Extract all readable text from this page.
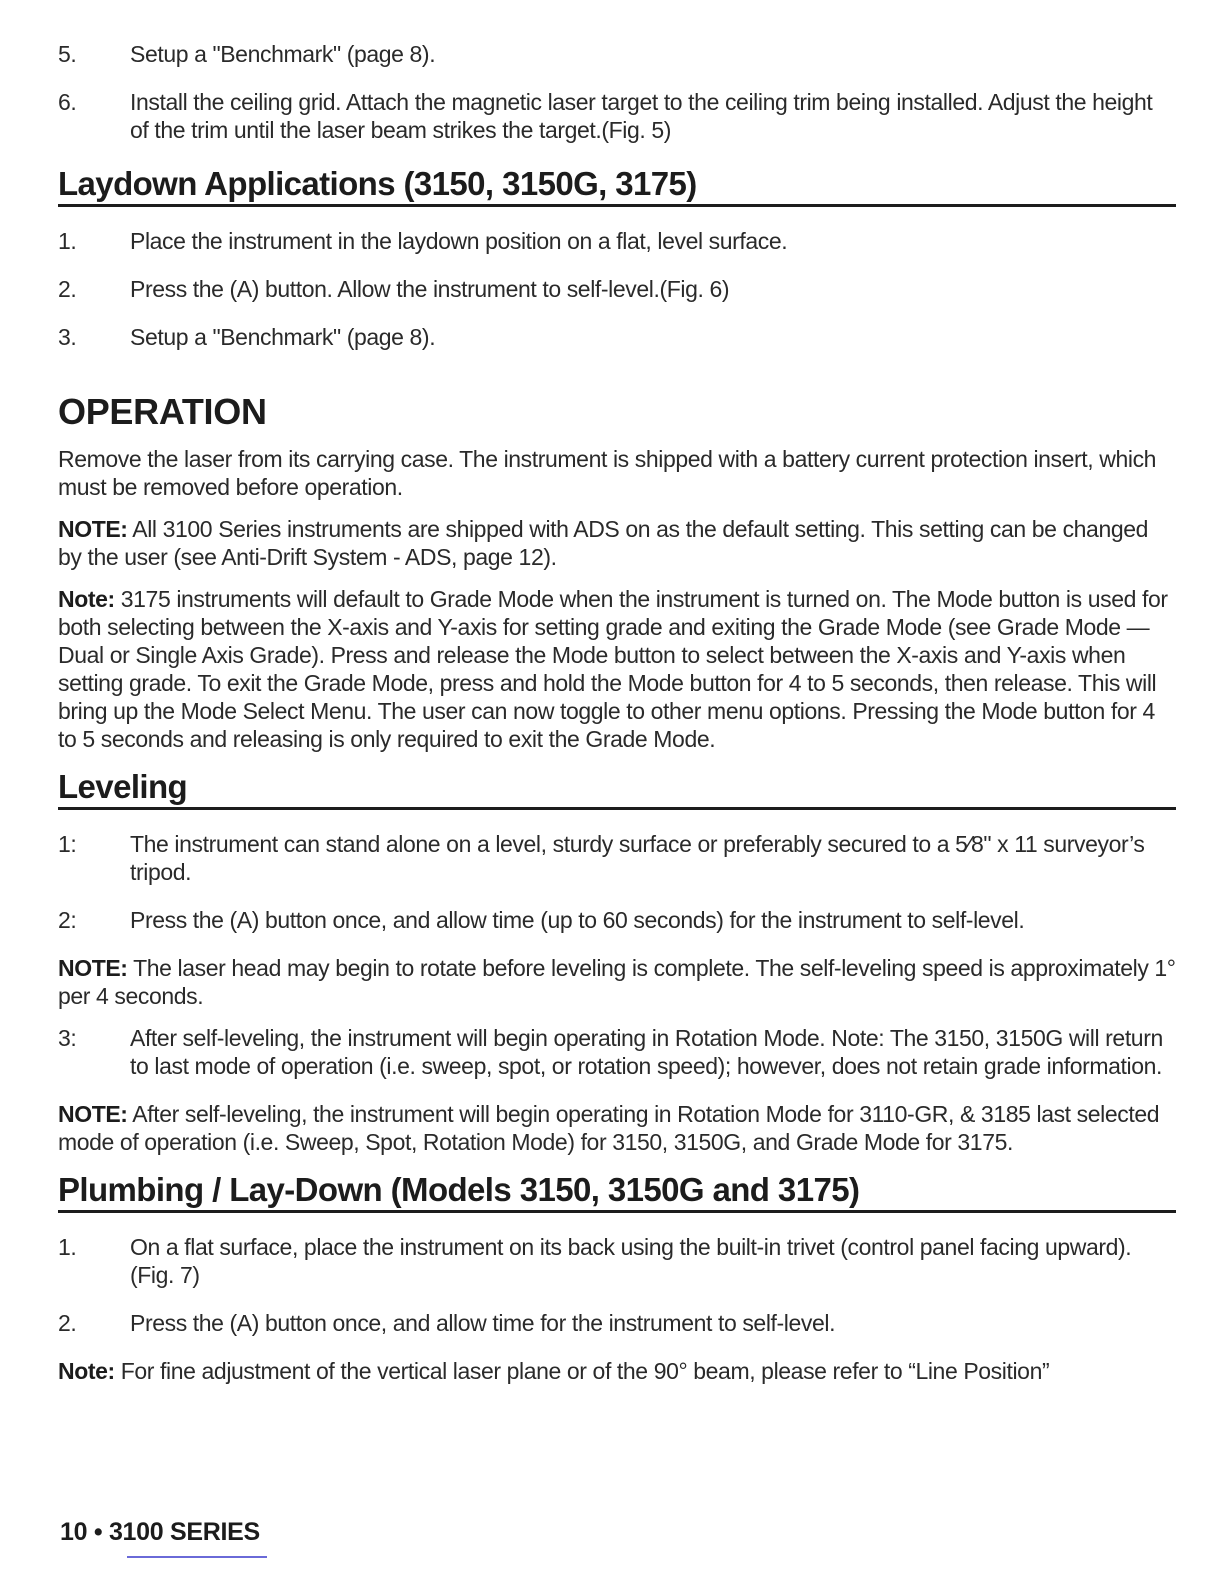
5. Setup a "Benchmark" (page 8).
6. Install the ceiling grid. Attach the magnetic laser target to the ceiling trim being installed. Adjust the height of the trim until the laser beam strikes the target.(Fig. 5)
Laydown Applications (3150, 3150G, 3175)
1. Place the instrument in the laydown position on a flat, level surface.
2. Press the (A) button. Allow the instrument to self-level.(Fig. 6)
3. Setup a "Benchmark" (page 8).
OPERATION
Remove the laser from its carrying case. The instrument is shipped with a battery current protection insert, which must be removed before operation.
NOTE: All 3100 Series instruments are shipped with ADS on as the default setting. This setting can be changed by the user (see Anti-Drift System - ADS, page 12).
Note: 3175 instruments will default to Grade Mode when the instrument is turned on. The Mode button is used for both selecting between the X-axis and Y-axis for setting grade and exiting the Grade Mode (see Grade Mode — Dual or Single Axis Grade). Press and release the Mode button to select between the X-axis and Y-axis when setting grade. To exit the Grade Mode, press and hold the Mode button for 4 to 5 seconds, then release. This will bring up the Mode Select Menu. The user can now toggle to other menu options. Pressing the Mode button for 4 to 5 seconds and releasing is only required to exit the Grade Mode.
Leveling
1: The instrument can stand alone on a level, sturdy surface or preferably secured to a 5⁄8" x 11 surveyor’s tripod.
2: Press the (A) button once, and allow time (up to 60 seconds) for the instrument to self-level.
NOTE: The laser head may begin to rotate before leveling is complete. The self-leveling speed is approximately 1° per 4 seconds.
3: After self-leveling, the instrument will begin operating in Rotation Mode. Note: The 3150, 3150G will return to last mode of operation (i.e. sweep, spot, or rotation speed); however, does not retain grade information.
NOTE: After self-leveling, the instrument will begin operating in Rotation Mode for 3110-GR, & 3185 last selected mode of operation (i.e. Sweep, Spot, Rotation Mode) for 3150, 3150G, and Grade Mode for 3175.
Plumbing / Lay-Down (Models 3150, 3150G and 3175)
1. On a flat surface, place the instrument on its back using the built-in trivet (control panel facing upward). (Fig. 7)
2. Press the (A) button once, and allow time for the instrument to self-level.
Note: For fine adjustment of the vertical laser plane or of the 90° beam, please refer to “Line Position”
10 • 3100 SERIES
